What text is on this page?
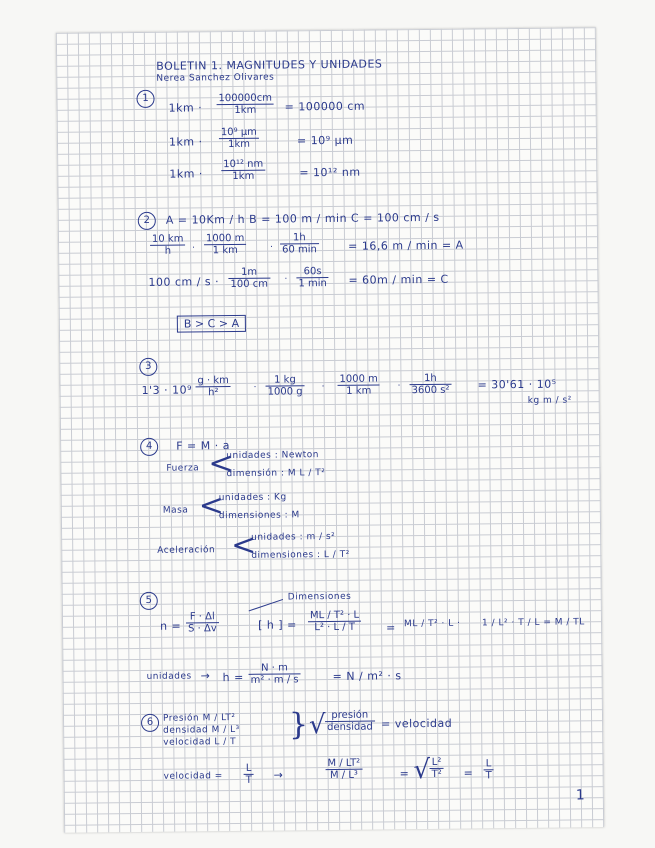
BOLETIN 1. MAGNITUDES Y UNIDADES
Nerea Sanchez Olivares
1
$1km \cdot \frac{100000cm}{1km} = 100000$ cm
1km ·
10⁹ µm
1km	= 10⁹ µm
$1km \cdot \frac{\text{10¹² nm}}{1km}$	= 10¹² nm
2	A = 10Km / h B = 100 m / min C = 100 cm / s
$\frac{10 km}{h} \cdot \frac{1000 m}{1 km}$	·
1h
60 min	= 16,6 m / min = A
100 cm / $s \cdot \frac{1m}{100 cm}$ ·
60s
1 min = 60m / min = C
B > C > A
3
$1'3 \cdot 10^9 \frac{g \cdot km}{\text{h²}} \cdot \frac{1 kg}{1000 g} \cdot \frac{1000 m}{1 km} \cdot \frac{1h}{\text{3600 s²}} = 30'61 \cdot 10^5$
kg m / s²
4	F = M · a
Fuerza <
unidades : Newton
dimensión : M L / T²
Masa <
unidades : Kg
dimensiones : M
Aceleración <
unidades : m / s²
dimensiones : L / T²
5	Dimensiones
$n = \frac{F \cdot \Delta l}{S \cdot \Delta v}$	[ h ] = $\frac{\text{ML / T² · L}}{\text{L² · L / T}}$ = ML / T² · L · 1 / L² · T / L = M / TL
unidades → $h = \frac{N \cdot m}{\text{m² · m / s}}$	= N / m² · s
6	Presión M / LT²
densidad M / L³
velocidad L / T } √ presión
densidad = velocidad
velocidad = $\frac{L}{T}$ →	$\frac{\text{M / LT²}}{\text{M / L³}}$	= √ $\frac{\text{L²}}{\text{T²}} = \frac{L}{T}$
1
